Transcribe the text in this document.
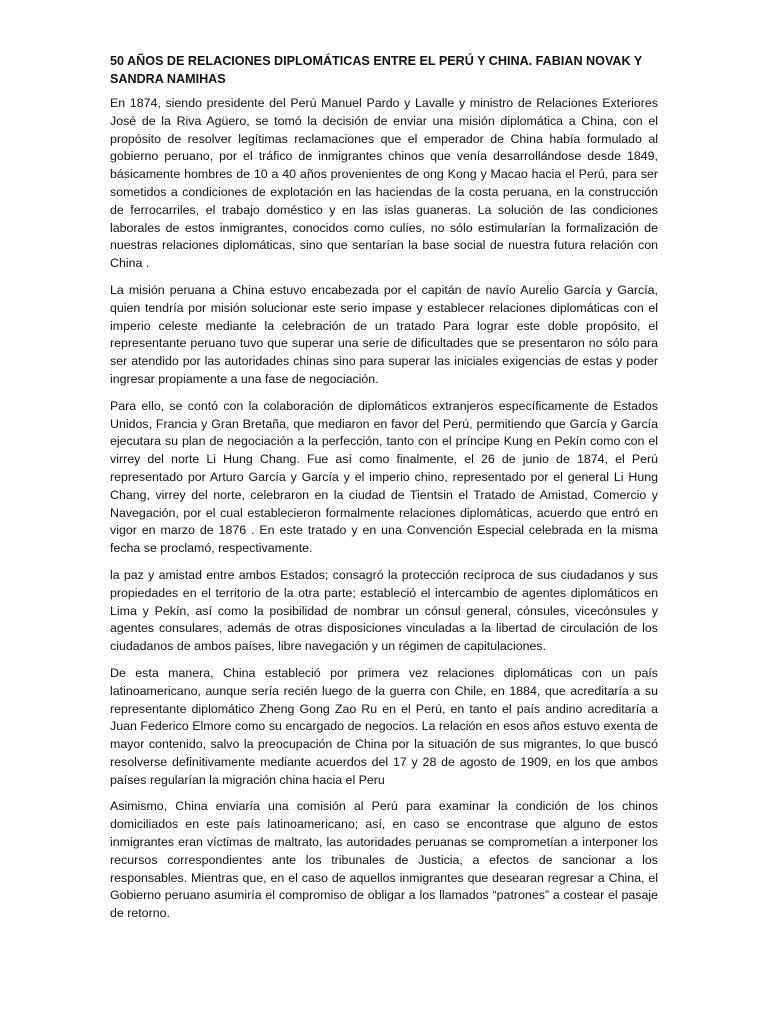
50 AÑOS DE RELACIONES DIPLOMÁTICAS ENTRE EL PERÚ Y CHINA. FABIAN NOVAK Y SANDRA NAMIHAS

En 1874, siendo presidente del Perú Manuel Pardo y Lavalle y ministro de Relaciones Exteriores José de la Riva Agüero, se tomó la decisión de enviar una misión diplomática a China, con el propósito de resolver legítimas reclamaciones que el emperador de China había formulado al gobierno peruano, por el tráfico de inmigrantes chinos que venía desarrollándose desde 1849, básicamente hombres de 10 a 40 años provenientes de ong Kong y Macao hacia el Perú, para ser sometidos a condiciones de explotación en las haciendas de la costa peruana, en la construcción de ferrocarriles, el trabajo doméstico y en las islas guaneras. La solución de las condiciones laborales de estos inmigrantes, conocidos como culíes, no sólo estimularían la formalización de nuestras relaciones diplomáticas, sino que sentarían la base social de nuestra futura relación con China .

La misión peruana a China estuvo encabezada por el capitán de navío Aurelio García y García, quien tendría por misión solucionar este serio impase y establecer relaciones diplomáticas con el imperio celeste mediante la celebración de un tratado Para lograr este doble propósito, el representante peruano tuvo que superar una serie de dificultades que se presentaron no sólo para ser atendido por las autoridades chinas sino para superar las iniciales exigencias de estas y poder ingresar propiamente a una fase de negociación.

Para ello, se contó con la colaboración de diplomáticos extranjeros específicamente de Estados Unidos, Francia y Gran Bretaña, que mediaron en favor del Perú, permitiendo que García y García ejecutara su plan de negociación a la perfección, tanto con el príncipe Kung en Pekín como con el virrey del norte Li Hung Chang. Fue así como finalmente, el 26 de junio de 1874, el Perú representado por Arturo García y García y el imperio chino, representado por el general Li Hung Chang, virrey del norte, celebraron en la ciudad de Tientsin el Tratado de Amistad, Comercio y Navegación, por el cual establecieron formalmente relaciones diplomáticas, acuerdo que entró en vigor en marzo de 1876 . En este tratado y en una Convención Especial celebrada en la misma fecha se proclamó, respectivamente.

la paz y amistad entre ambos Estados; consagró la protección recíproca de sus ciudadanos y sus propiedades en el territorio de la otra parte; estableció el intercambio de agentes diplomáticos en Lima y Pekín, así como la posibilidad de nombrar un cónsul general, cónsules, vicecónsules y agentes consulares, además de otras disposiciones vinculadas a la libertad de circulación de los ciudadanos de ambos países, libre navegación y un régimen de capitulaciones.

De esta manera, China estableció por primera vez relaciones diplomáticas con un país latinoamericano, aunque sería recién luego de la guerra con Chile, en 1884, que acreditaría a su representante diplomático Zheng Gong Zao Ru en el Perú, en tanto el país andino acreditaría a Juan Federico Elmore como su encargado de negocios. La relación en esos años estuvo exenta de mayor contenido, salvo la preocupación de China por la situación de sus migrantes, lo que buscó resolverse definitivamente mediante acuerdos del 17 y 28 de agosto de 1909, en los que ambos países regularían la migración china hacia el Peru

Asimismo, China enviaría una comisión al Perú para examinar la condición de los chinos domiciliados en este país latinoamericano; así, en caso se encontrase que alguno de estos inmigrantes eran víctimas de maltrato, las autoridades peruanas se comprometían a interponer los recursos correspondientes ante los tribunales de Justicia, a efectos de sancionar a los responsables. Mientras que, en el caso de aquellos inmigrantes que desearan regresar a China, el Gobierno peruano asumiría el compromiso de obligar a los llamados “patrones” a costear el pasaje de retorno.
